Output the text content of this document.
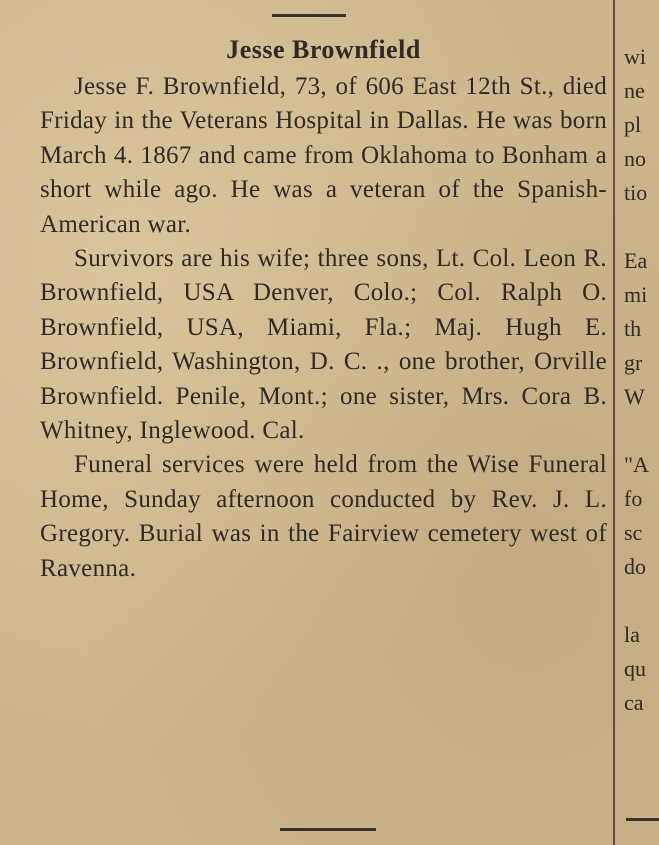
Jesse Brownfield

Jesse F. Brownfield, 73, of 606 East 12th St., died Friday in the Veterans Hospital in Dallas. He was born March 4. 1867 and came from Oklahoma to Bonham a short while ago. He was a veteran of the Spanish-American war.

Survivors are his wife; three sons, Lt. Col. Leon R. Brownfield, USA Denver, Colo.; Col. Ralph O. Brownfield, USA, Miami, Fla.; Maj. Hugh E. Brownfield, Washington, D. C. ., one brother, Orville Brownfield. Penile, Mont.; one sister, Mrs. Cora B. Whitney, Inglewood. Cal.

Funeral services were held from the Wise Funeral Home, Sunday afternoon conducted by Rev. J. L. Gregory. Burial was in the Fairview cemetery west of Ravenna.

wi
ne
pl
no
tio
Ea
mi
th
gr
W
"A
fo
sc
do
la
qu
ca
